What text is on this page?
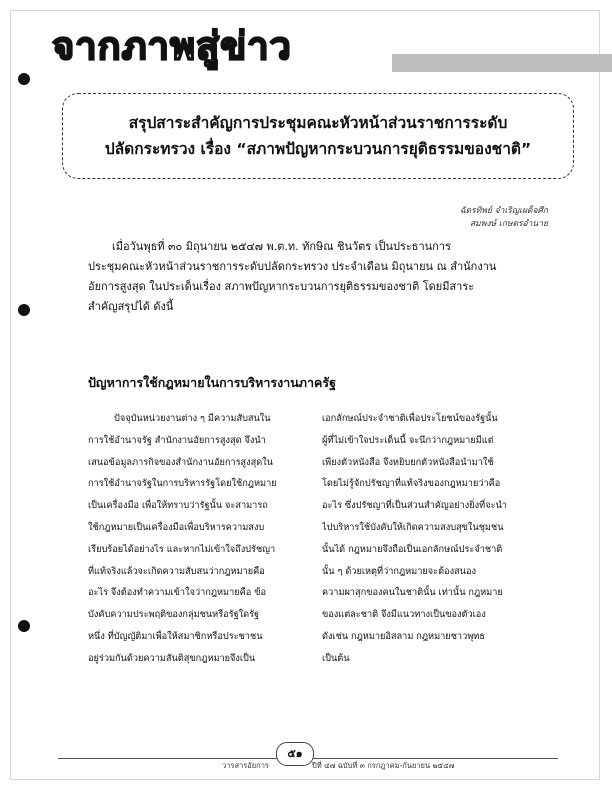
จากภาพสู่ข่าว
สรุปสาระสำคัญการประชุมคณะหัวหน้าส่วนราชการระดับ
ปลัดกระทรวง เรื่อง “สภาพปัญหากระบวนการยุติธรรมของชาติ”
ฉัตรทิพย์ จำเริญเผด็จศึก
สมพงษ์ เกษตรอำนาย
เมื่อวันพุธที่ ๓๐ มิถุนายน ๒๕๔๗ พ.ต.ท. ทักษิณ ชินวัตร เป็นประธานการ
ประชุมคณะหัวหน้าส่วนราชการระดับปลัดกระทรวง ประจำเดือน มิถุนายน ณ สำนักงาน
อัยการสูงสุด ในประเด็นเรื่อง สภาพปัญหากระบวนการยุติธรรมของชาติ โดยมีสาระ
สำคัญสรุปได้ ดังนี้
ปัญหาการใช้กฎหมายในการบริหารงานภาครัฐ
ปัจจุบันหน่วยงานต่าง ๆ มีความสับสนใน
การใช้อำนาจรัฐ สำนักงานอัยการสูงสุด จึงนำ
เสนอข้อมูลภารกิจของสำนักงานอัยการสูงสุดใน
การใช้อำนาจรัฐในการบริหารรัฐโดยใช้กฎหมาย
เป็นเครื่องมือ เพื่อให้ทราบว่ารัฐนั้น จะสามารถ
ใช้กฎหมายเป็นเครื่องมือเพื่อบริหารความสงบ
เรียบร้อยได้อย่างไร และหากไม่เข้าใจถึงปรัชญา
ที่แท้จริงแล้วจะเกิดความสับสนว่ากฎหมายคือ
อะไร จึงต้องทำความเข้าใจว่ากฎหมายคือ ข้อ
บังคับความประพฤติของกลุ่มชนหรือรัฐใดรัฐ
หนึ่ง ที่บัญญัติมาเพื่อให้สมาชิกหรือประชาชน
อยู่ร่วมกันด้วยความสันติสุขกฎหมายจึงเป็น
เอกลักษณ์ประจำชาติเพื่อประโยชน์ของรัฐนั้น
ผู้ที่ไม่เข้าใจประเด็นนี้ จะนึกว่ากฎหมายมีแต่
เพียงตัวหนังสือ จึงหยิบยกตัวหนังสือนำมาใช้
โดยไม่รู้จักปรัชญาที่แท้จริงของกฎหมายว่าคือ
อะไร ซึ่งปรัชญาที่เป็นส่วนสำคัญอย่างยิ่งที่จะนำ
ไปบริหารใช้บังคับให้เกิดความสงบสุขในชุมชน
นั้นได้ กฎหมายจึงถือเป็นเอกลักษณ์ประจำชาติ
นั้น ๆ ด้วยเหตุที่ว่ากฎหมายจะต้องสนอง
ความผาสุกของคนในชาตินั้น เท่านั้น กฎหมาย
ของแต่ละชาติ จึงมีแนวทางเป็นของตัวเอง
ดังเช่น กฎหมายอิสลาม กฎหมายชาวพุทธ
เป็นต้น
๕๑
วารสารอัยการ	ปีที่ ๔๗ ฉบับที่ ๓ กรกฎาคม-กันยายน ๒๕๔๗
